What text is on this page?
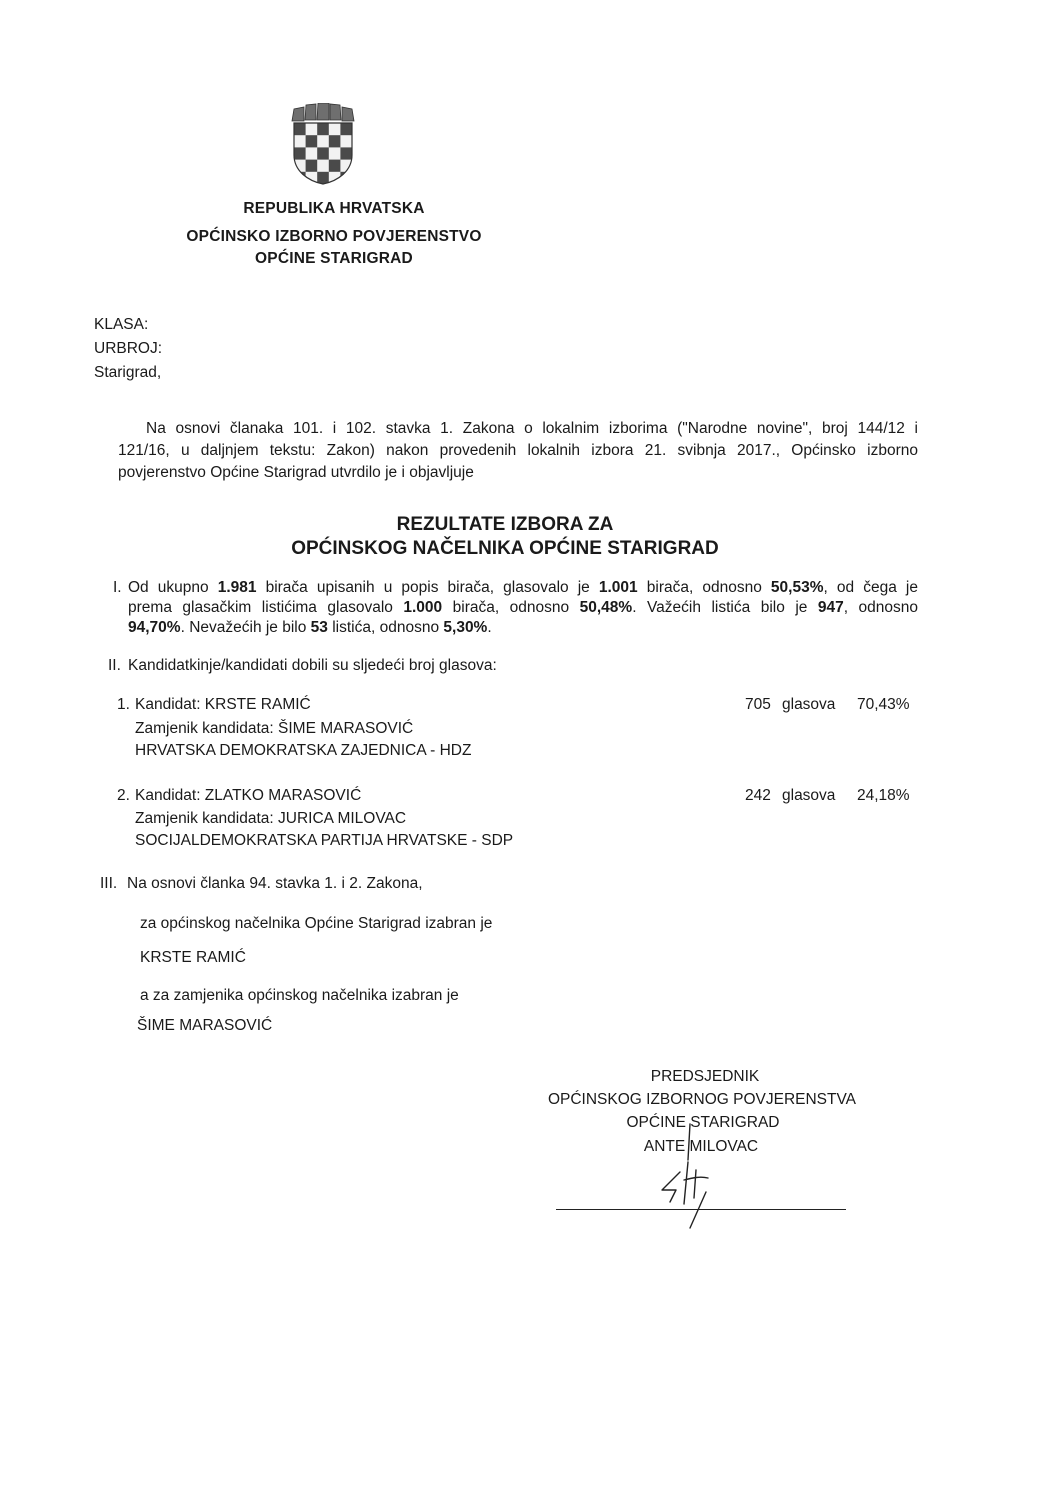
REPUBLIKA HRVATSKA
OPĆINSKO IZBORNO POVJERENSTVO
OPĆINE STARIGRAD
KLASA:
URBROJ:
Starigrad,
Na osnovi članaka 101. i 102. stavka 1. Zakona o lokalnim izborima ("Narodne novine", broj 144/12 i
121/16, u daljnjem tekstu: Zakon) nakon provedenih lokalnih izbora 21. svibnja 2017., Općinsko izborno
povjerenstvo Općine Starigrad utvrdilo je i objavljuje
REZULTATE IZBORA ZA
OPĆINSKOG NAČELNIKA OPĆINE STARIGRAD
I. Od ukupno 1.981 birača upisanih u popis birača, glasovalo je 1.001 birača, odnosno 50,53%, od čega je
prema glasačkim listićima glasovalo 1.000 birača, odnosno 50,48%. Važećih listića bilo je 947, odnosno
94,70%. Nevažećih je bilo 53 listića, odnosno 5,30%.
II. Kandidatkinje/kandidati dobili su sljedeći broj glasova:
1. Kandidat: KRSTE RAMIĆ
Zamjenik kandidata: ŠIME MARASOVIĆ
HRVATSKA DEMOKRATSKA ZAJEDNICA - HDZ
705 glasova 70,43%
2. Kandidat: ZLATKO MARASOVIĆ
Zamjenik kandidata: JURICA MILOVAC
SOCIJALDEMOKRATSKA PARTIJA HRVATSKE - SDP
242 glasova 24,18%
III. Na osnovi članka 94. stavka 1. i 2. Zakona,
za općinskog načelnika Općine Starigrad izabran je
KRSTE RAMIĆ
a za zamjenika općinskog načelnika izabran je
ŠIME MARASOVIĆ
PREDSJEDNIK
OPĆINSKOG IZBORNOG POVJERENSTVA
OPĆINE STARIGRAD
ANTE MILOVAC
